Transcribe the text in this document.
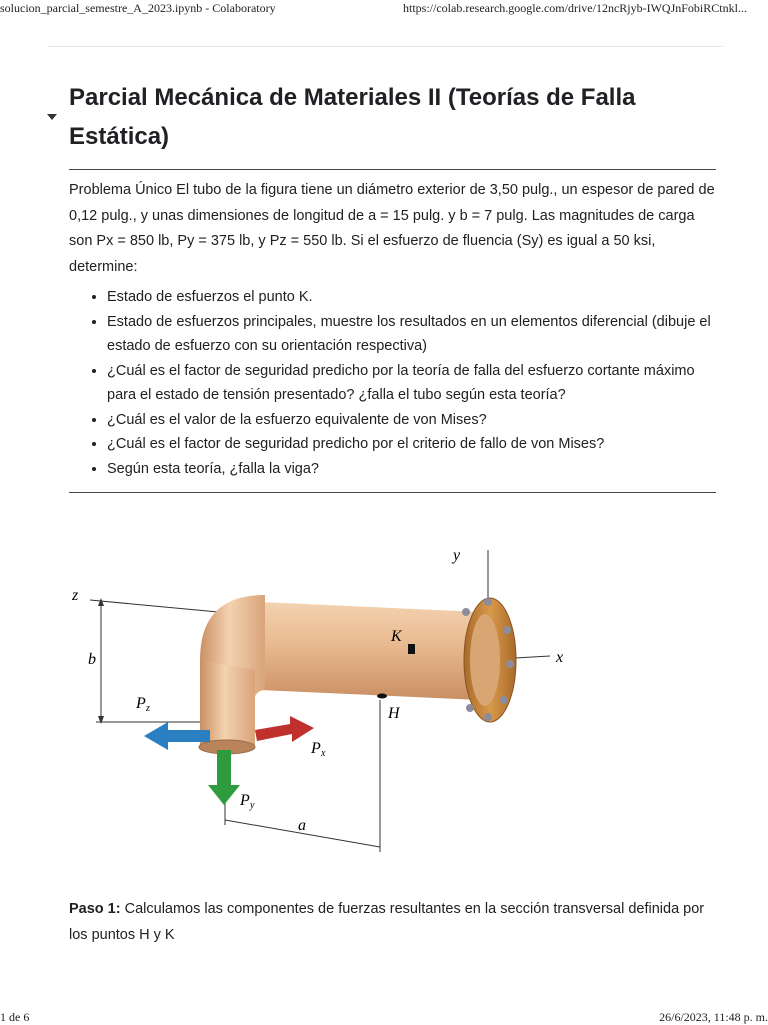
solucion_parcial_semestre_A_2023.ipynb - Colaboratory	https://colab.research.google.com/drive/12ncRjyb-IWQJnFobiRCtnkl...
Parcial Mecánica de Materiales II (Teorías de Falla Estática)
Problema Único El tubo de la figura tiene un diámetro exterior de 3,50 pulg., un espesor de pared de 0,12 pulg., y unas dimensiones de longitud de a = 15 pulg. y b = 7 pulg. Las magnitudes de carga son Px = 850 lb, Py = 375 lb, y Pz = 550 lb. Si el esfuerzo de fluencia (Sy) es igual a 50 ksi, determine:
• Estado de esfuerzos el punto K.
• Estado de esfuerzos principales, muestre los resultados en un elementos diferencial (dibuje el estado de esfuerzo con su orientación respectiva)
• ¿Cuál es el factor de seguridad predicho por la teoría de falla del esfuerzo cortante máximo para el estado de tensión presentado? ¿falla el tubo según esta teoría?
• ¿Cuál es el valor de la esfuerzo equivalente de von Mises?
• ¿Cuál es el factor de seguridad predicho por el criterio de fallo de von Mises?
• Según esta teoría, ¿falla la viga?
z
b
y
x
K
H
a
P z
P x
P y
Paso 1: Calculamos las componentes de fuerzas resultantes en la sección transversal definida por los puntos H y K
1 de 6	26/6/2023, 11:48 p. m.
